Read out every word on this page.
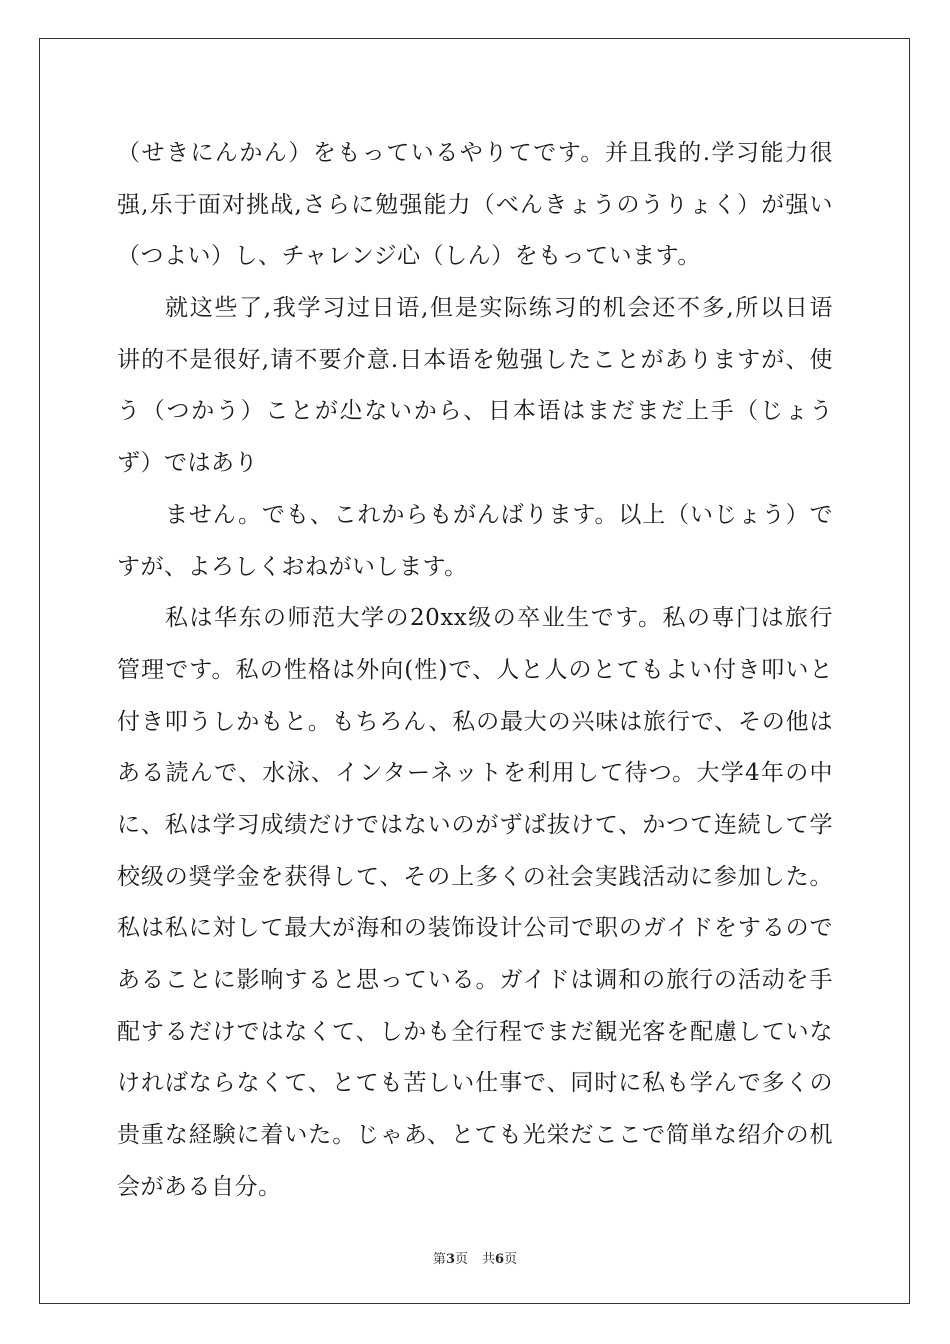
（せきにんかん）をもっているやりてです。并且我的.学习能力很
强,乐于面对挑战,さらに勉强能力（べんきょうのうりょく）が强い
（つよい）し、チャレンジ心（しん）をもっています。
就这些了,我学习过日语,但是实际练习的机会还不多,所以日语
讲的不是很好,请不要介意.日本语を勉强したことがありますが、使
う（つかう）ことが尐ないから、日本语はまだまだ上手（じょう
ず）ではあり
ません。でも、これからもがんばります。以上（いじょう）で
すが、よろしくおねがいします。
私は华东の师范大学の20xx级の卒业生です。私の専门は旅行
管理です。私の性格は外向(性)で、人と人のとてもよい付き叩いと
付き叩うしかもと。もちろん、私の最大の兴味は旅行で、その他は
ある読んで、水泳、インターネットを利用して待つ。大学4年の中
に、私は学习成绩だけではないのがずば抜けて、かつて连続して学
校级の奨学金を获得して、その上多くの社会実践活动に参加した。
私は私に対して最大が海和の装饰设计公司で职のガイドをするので
あることに影响すると思っている。ガイドは调和の旅行の活动を手
配するだけではなくて、しかも全行程でまだ観光客を配慮していな
ければならなくて、とても苦しい仕事で、同时に私も学んで多くの
贵重な経験に着いた。じゃあ、とても光栄だここで简単な绍介の机
会がある自分。
第3页 共6页
